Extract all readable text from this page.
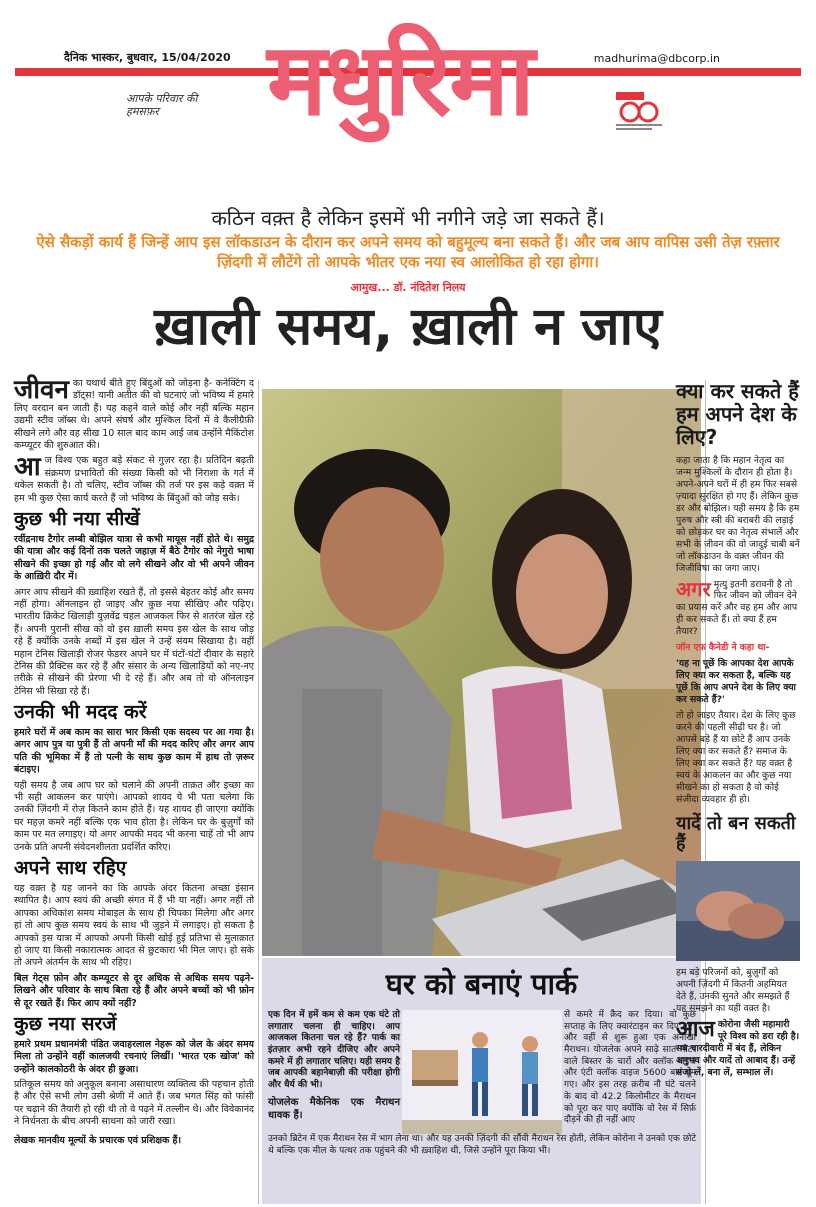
दैनिक भास्कर, बुधवार, 15/04/2020	madhurima@dbcorp.in
आपके परिवार की हमसफ़र	मधुरिमा
कठिन वक़्त है लेकिन इसमें भी नगीने जड़े जा सकते हैं।
ऐसे सैकड़ों कार्य हैं जिन्हें आप इस लॉकडाउन के दौरान कर अपने समय को बहुमूल्य बना सकते हैं। और जब आप वापिस उसी तेज़ रफ़्तार ज़िंदगी में लौटेंगे तो आपके भीतर एक नया स्व आलोकित हो रहा होगा।
आमुख... डॉ. नंदितेश निलय
ख़ाली समय, ख़ाली न जाए

जीवन का यथार्थ बीते हुए बिंदुओं को जोड़ना है- कनेक्टिंग द डॉट्स! यानी अतीत की वो घटनाएं जो भविष्य में हमारे लिए वरदान बन जाती हैं। यह कहने वाले कोई और नहीं बल्कि महान उद्यमी स्टीव जॉब्स थे। अपने संघर्ष और मुश्किल दिनों में वे कैलीग्रैफ़ी सीखने लगे और वह सीख 10 साल बाद काम आई जब उन्होंने मैकिंटोश कम्प्यूटर की शुरुआत की।

आज विश्व एक बहुत बड़े संकट से गुज़र रहा है। प्रतिदिन बढ़ती संक्रमण प्रभावितों की संख्या किसी को भी निराशा के गर्त में धकेल सकती है। तो चलिए, स्टीव जॉब्स की तर्ज पर इस कड़े वक़्त में हम भी कुछ ऐसा कार्य करते हैं जो भविष्य के बिंदुओं को जोड़ सके।

कुछ भी नया सीखें

रवींद्रनाथ टैगोर लम्बी बोझिल यात्रा से कभी मायूस नहीं होते थे। समुद्र की यात्रा और कई दिनों तक चलते जहाज़ में बैठे टैगोर को नेगुरो भाषा सीखने की इच्छा हो गई और वो लगे सीखने और वो भी अपने जीवन के आख़िरी दौर में।

अगर आप सीखने की ख़्वाहिश रखते हैं, तो इससे बेहतर कोई और समय नहीं होगा। ऑनलाइन हो जाइए और कुछ नया सीखिए और पढ़िए। भारतीय क्रिकेट खिलाड़ी युज़वेंद्र चहल आजकल फिर से शतरंज खेल रहे हैं। अपनी पुरानी सीख को वो इस ख़ाली समय इस खेल के साथ जोड़ रहे हैं क्योंकि उनके शब्दों में इस खेल ने उन्हें संयम सिखाया है। वहीं महान टेनिस खिलाड़ी रोजर फेडरर अपने घर में घंटों-घंटों दीवार के सहारे टेनिस की प्रैक्टिस कर रहे हैं और संसार के अन्य खिलाड़ियों को नए-नए तरीक़े से सीखने की प्रेरणा भी दे रहे हैं। और अब तो वो ऑनलाइन टेनिस भी सिखा रहे हैं।

उनकी भी मदद करें

हमारे घरों में अब काम का सारा भार किसी एक सदस्य पर आ गया है। अगर आप पुत्र या पुत्री हैं तो अपनी माँ की मदद करिए और अगर आप पति की भूमिका में हैं तो पत्नी के साथ कुछ काम में हाथ तो ज़रूर बंटाइए।

यही समय है जब आप घर को चलाने की अपनी ताक़त और इच्छा का भी सही आकलन कर पाएंगे। आपको शायद ये भी पता चलेगा कि उनकी ज़िंदगी में रोज़ कितने काम होते हैं। यह शायद ही जाएगा क्योंकि घर महज़ कमरे नहीं बल्कि एक भाव होता है। लेकिन घर के बुज़ुर्गों को काम पर मत लगाइए। यो अगर आपकी मदद भी करना चाहें तो भी आप उनके प्रति अपनी संवेदनशीलता प्रदर्शित करिए।

अपने साथ रहिए

यह वक़्त है यह जानने का कि आपके अंदर कितना अच्छा इंसान स्थापित है। आप स्वयं की अच्छी संगत में हैं भी या नहीं। अगर नहीं तो आपका अधिकांश समय मोबाइल के साथ ही चिपका मिलेगा और अगर हां तो आप कुछ समय स्वयं के साथ भी जुड़ने में लगाइए। हो सकता है आपको इस यात्रा में आपको अपनी किसी खोई हुई प्रतिभा से मुलाक़ात हो जाए या किसी नकारात्मक आदत से छुटकारा भी मिल जाए। हो सके तो अपने अंतर्मन के साथ भी रहिए।

बिल गेट्स फ़ोन और कम्प्यूटर से दूर अधिक से अधिक समय पढ़ने-लिखने और परिवार के साथ बिता रहे हैं और अपने बच्चों को भी फ़ोन से दूर रखते हैं। फिर आप क्यों नहीं?

कुछ नया सरजें

हमारे प्रथम प्रधानमंत्री पंडित जवाहरलाल नेहरू को जेल के अंदर समय मिला तो उन्होंने वहीं कालजयी रचनाएं लिखीं। 'भारत एक खोज' को उन्होंने कालकोठरी के अंदर ही छुआ।

प्रतिकूल समय को अनुकूल बनाना असाधारण व्यक्तित्व की पहचान होती है और ऐसे सभी लोग उसी श्रेणी में आते हैं। जब भगत सिंह को फांसी पर चढ़ाने की तैयारी हो रही थी तो वे पढ़ने में तल्लीन थे। और विवेकानंद ने निर्धनता के बीच अपनी साधना को जारी रखा।

लेखक मानवीय मूल्यों के प्रचारक एवं प्रशिक्षक हैं।

घर को बनाएं पार्क

एक दिन में हमें कम से कम एक घंटे तो लगातार चलना ही चाहिए। आप आजकल कितना चल रहे हैं? पार्क का इंतज़ार अभी रहने दीजिए और अपने कमरे में ही लगातार चलिए। यही समय है जब आपकी बहानेबाज़ी की परीक्षा होगी और धैर्य की भी।

योजलेक मैकेनिक एक मैराथन धावक हैं।

से कमरे में क़ैद कर दिया। वो कुछ सप्ताह के लिए क्वारंटाइन कर दिए गए। और वहीं से शुरू हुआ एक अनोखा मैराथन। योजलेक अपने साढ़े सात मीटर वाले बिस्तर के चारों और क्लॉक वाइज और एंटी क्लॉक वाइज 5600 बार घूम गए। और इस तरह क़रीब नौ घंटे चलने के बाद वो 42.2 किलोमीटर के मैराथन को पूरा कर पाए क्योंकि वो रेस में सिर्फ़ दौड़ने की ही नहीं आए

उनको ब्रिटेन में एक मैराथन रेस में भाग लेना था। और यह उनकी ज़िंदगी की सौंवी मैराथन रेस होती, लेकिन कोरोना ने उनको एक छोटे थे बल्कि एक मील के पत्थर तक पहुंचने की भी ख़्वाहिश थी, जिसे उन्होंने पूरा किया भी।

क्या कर सकते हैं हम अपने देश के लिए?

कहा जाता है कि महान नेतृत्व का जन्म मुश्किलों के दौरान ही होता है। अपने-अपने घरों में ही हम फिर सबसे ज़्यादा सुरक्षित हो गए हैं। लेकिन कुछ डर और बोझिल। यही समय है कि हम पुरुष और स्त्री की बराबरी की लड़ाई को छोड़कर घर का नेतृत्व संभालें और सभी के जीवन की वो जादुई चाबी बनें जो लॉकडाउन के वक़्त जीवन की जिजीविषा का जगा जाए।

अगर मृत्यु इतनी डरावनी है तो फिर जीवन को जीवन देने का प्रयास करें और वह हम और आप ही कर सकते हैं। तो क्या हैं हम तैयार?

जॉन एफ़ कैनेडी ने कहा था-

'यह ना पूछें कि आपका देश आपके लिए क्या कर सकता है, बल्कि यह पूछें कि आप अपने देश के लिए क्या कर सकते हैं?'

तो हो जाइए तैयार। देश के लिए कुछ करने की पहली सीढ़ी घर है। जो आपसे बड़े हैं या छोटे हैं आप उनके लिए क्या कर सकते हैं? समाज के लिए क्या कर सकते हैं? यह वक़्त है स्वयं के आकलन का और कुछ नया सीखने का हो सकता है वो कोई संजीदा व्यवहार ही हो।

यादें तो बन सकती हैं

हम बड़े परिजनों को, बुज़ुर्गों को अपनी ज़िंदगी में कितनी अहमियत देते हैं, उनकी सुनते और समझते हैं यह समझने का यही वक़्त है।

आज कोरोना जैसी महामारी पूरे विश्व को डरा रही है। सब चारदीवारी में बंद हैं, लेकिन अनुभव और यादें तो आबाद हैं। उन्हें संजो लें, बना लें, सम्भाल लें।
